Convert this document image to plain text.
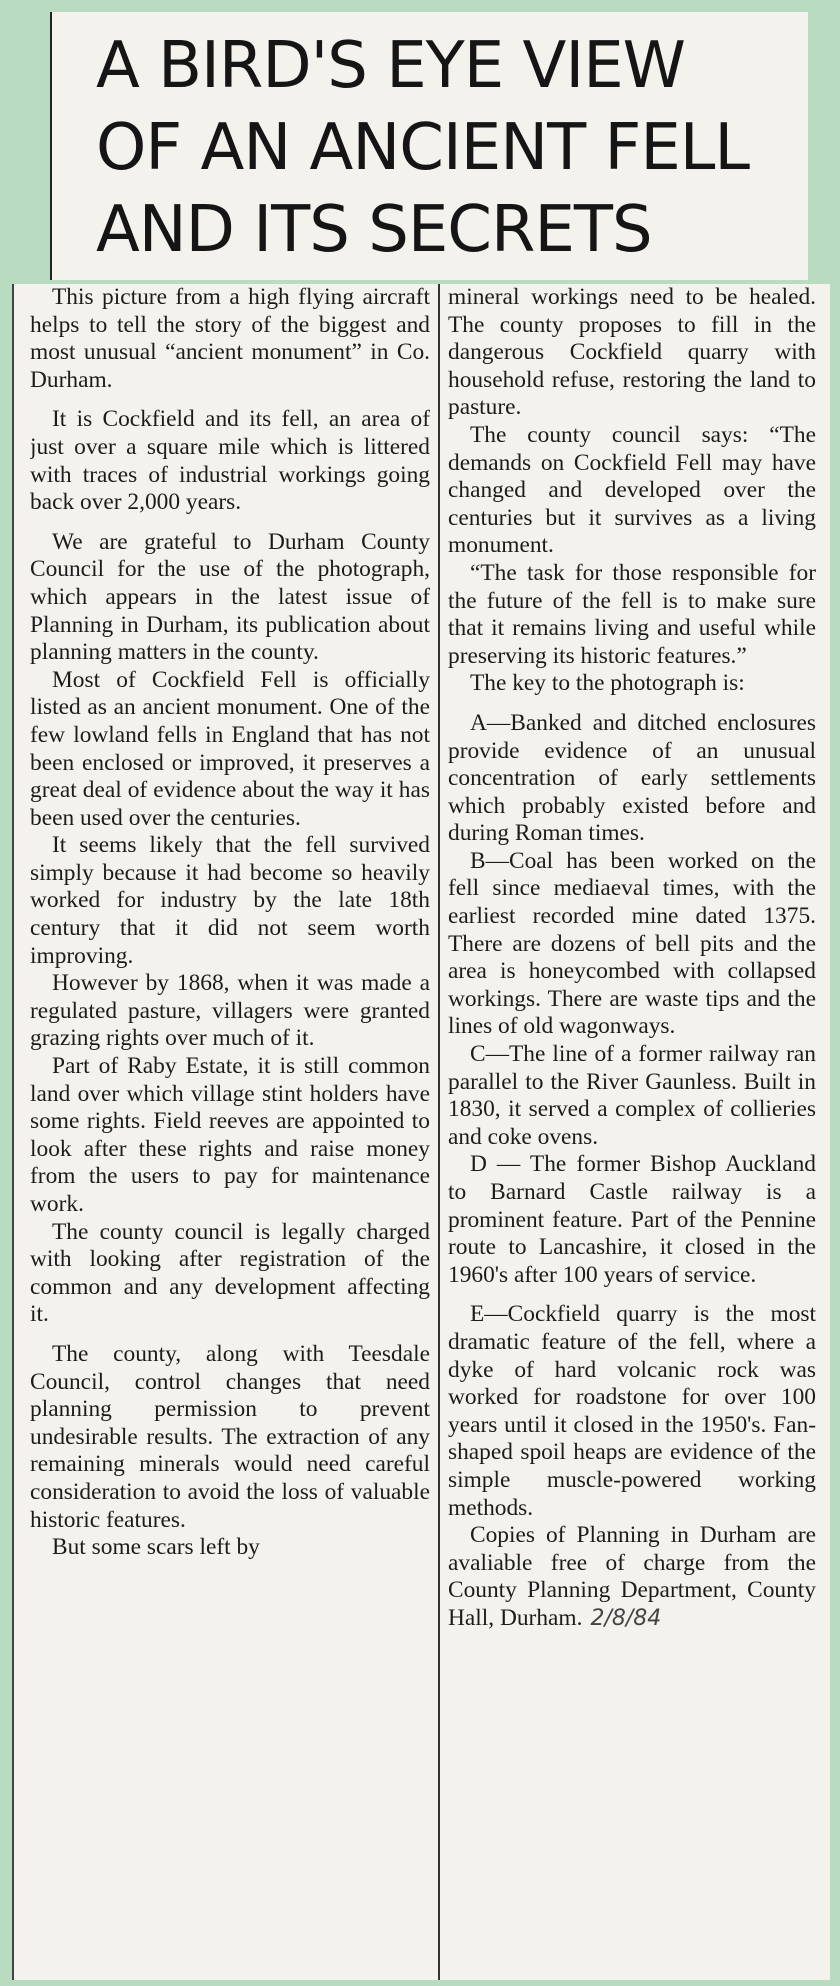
A BIRD'S EYE VIEW
OF AN ANCIENT FELL
AND ITS SECRETS

This picture from a high flying aircraft helps to tell the story of the biggest and most unusual “ancient monument” in Co. Durham.

It is Cockfield and its fell, an area of just over a square mile which is littered with traces of industrial workings going back over 2,000 years.

We are grateful to Durham County Council for the use of the photograph, which appears in the latest issue of Planning in Durham, its publication about planning matters in the county.

Most of Cockfield Fell is officially listed as an ancient monument. One of the few lowland fells in England that has not been enclosed or improved, it preserves a great deal of evidence about the way it has been used over the centuries.

It seems likely that the fell survived simply because it had become so heavily worked for industry by the late 18th century that it did not seem worth improving.

However by 1868, when it was made a regulated pasture, villagers were granted grazing rights over much of it.

Part of Raby Estate, it is still common land over which village stint holders have some rights. Field reeves are appointed to look after these rights and raise money from the users to pay for maintenance work.

The county council is legally charged with looking after registration of the common and any development affecting it.

The county, along with Teesdale Council, control changes that need planning permission to prevent undesirable results. The extraction of any remaining minerals would need careful consideration to avoid the loss of valuable historic features.

But some scars left by

mineral workings need to be healed. The county proposes to fill in the dangerous Cockfield quarry with household refuse, restoring the land to pasture.

The county council says: “The demands on Cockfield Fell may have changed and developed over the centuries but it survives as a living monument.

“The task for those responsible for the future of the fell is to make sure that it remains living and useful while preserving its historic features.”

The key to the photograph is:

A—Banked and ditched enclosures provide evidence of an unusual concentration of early settlements which probably existed before and during Roman times.

B—Coal has been worked on the fell since mediaeval times, with the earliest recorded mine dated 1375. There are dozens of bell pits and the area is honeycombed with collapsed workings. There are waste tips and the lines of old wagonways.

C—The line of a former railway ran parallel to the River Gaunless. Built in 1830, it served a complex of collieries and coke ovens.

D — The former Bishop Auckland to Barnard Castle railway is a prominent feature. Part of the Pennine route to Lancashire, it closed in the 1960's after 100 years of service.

E—Cockfield quarry is the most dramatic feature of the fell, where a dyke of hard volcanic rock was worked for roadstone for over 100 years until it closed in the 1950's. Fan-shaped spoil heaps are evidence of the simple muscle-powered working methods.

Copies of Planning in Durham are avaliable free of charge from the County Planning Department, County Hall, Durham. 2/8/84
